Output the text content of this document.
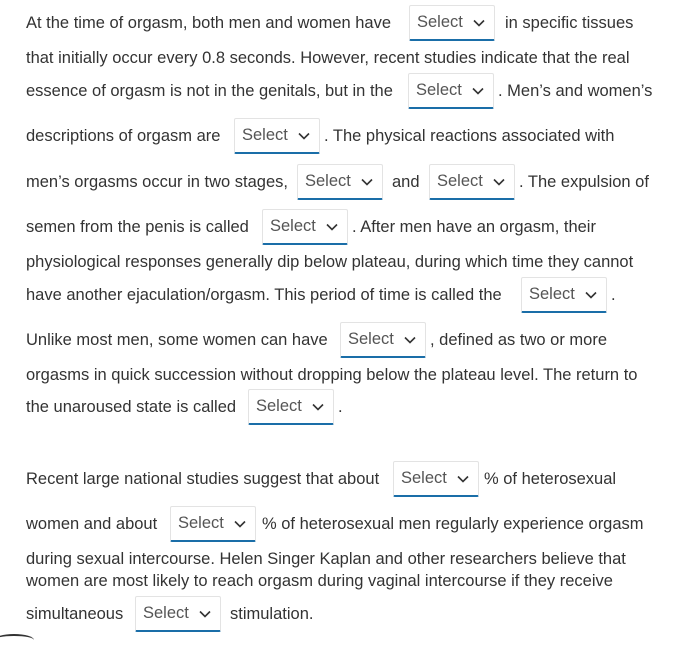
At the time of orgasm, both men and women have	in specific tissues
Select
that initially occur every 0.8 seconds. However, recent studies indicate that the real
essence of orgasm is not in the genitals, but in the Select . Men’s and women’s
descriptions of orgasm are Select . The physical reactions associated with
men’s orgasms occur in two stages, Select and Select . The expulsion of
semen from the penis is called Select . After men have an orgasm, their
physiological responses generally dip below plateau, during which time they cannot
have another ejaculation/orgasm. This period of time is called the Select .
Unlike most men, some women can have Select , defined as two or more
orgasms in quick succession without dropping below the plateau level. The return to
the unaroused state is called Select .
Recent large national studies suggest that about Select % of heterosexual
women and about Select % of heterosexual men regularly experience orgasm
during sexual intercourse. Helen Singer Kaplan and other researchers believe that
women are most likely to reach orgasm during vaginal intercourse if they receive
simultaneous Select stimulation.
